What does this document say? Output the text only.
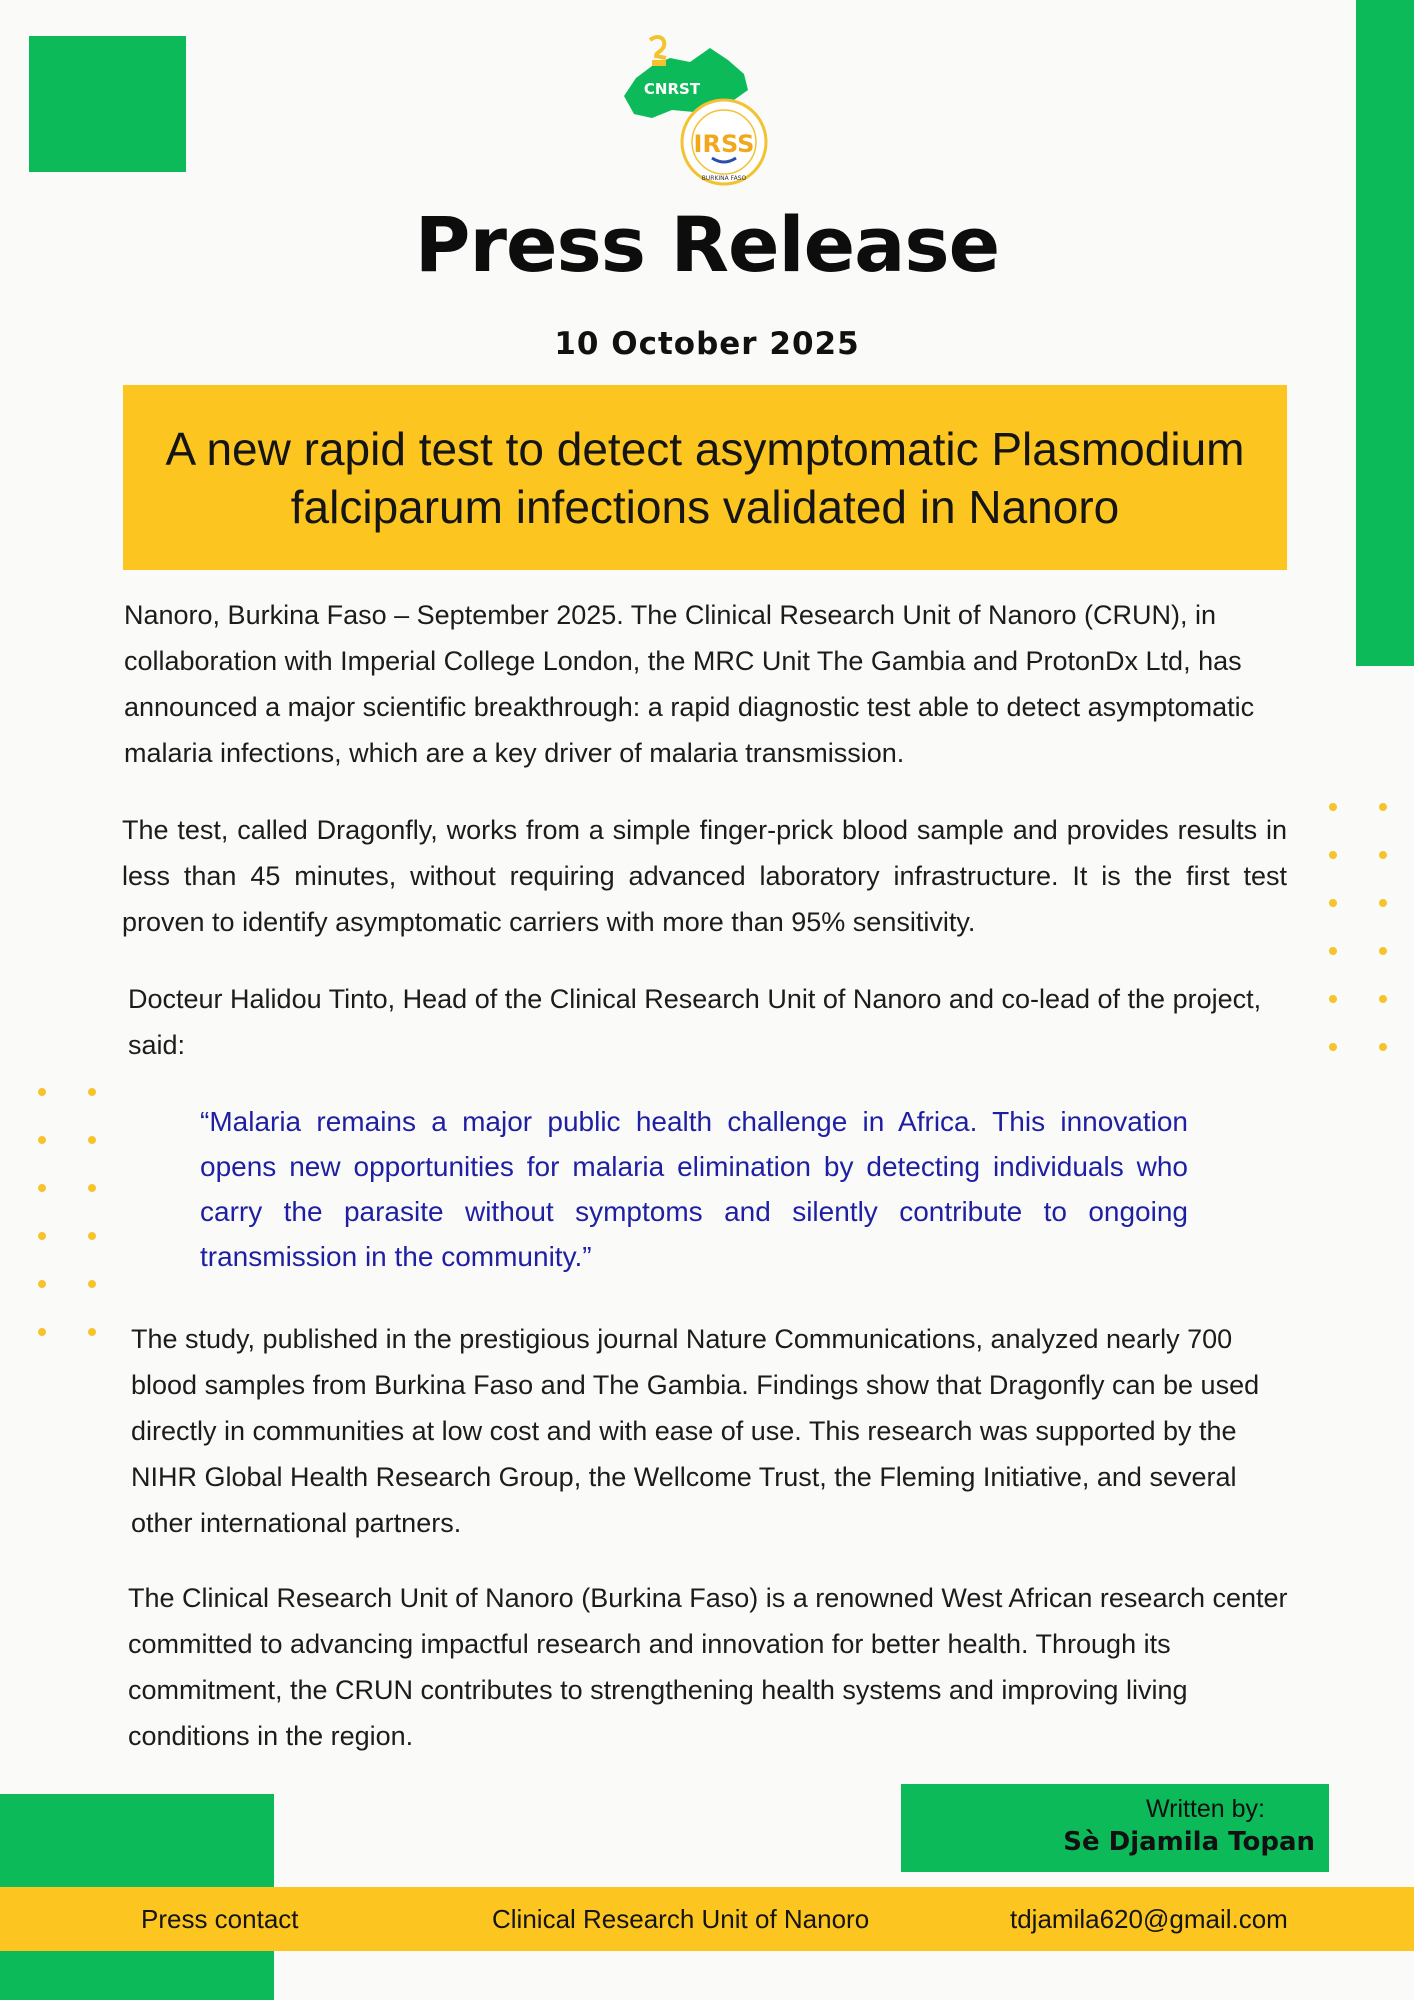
CNRST
IRSS
BURKINA FASO
Press Release
10 October 2025
A new rapid test to detect asymptomatic Plasmodium falciparum infections validated in Nanoro
Nanoro, Burkina Faso – September 2025. The Clinical Research Unit of Nanoro (CRUN), in collaboration with Imperial College London, the MRC Unit The Gambia and ProtonDx Ltd, has announced a major scientific breakthrough: a rapid diagnostic test able to detect asymptomatic malaria infections, which are a key driver of malaria transmission.
The test, called Dragonfly, works from a simple finger-prick blood sample and provides results in less than 45 minutes, without requiring advanced laboratory infrastructure. It is the first test proven to identify asymptomatic carriers with more than 95% sensitivity.
Docteur Halidou Tinto, Head of the Clinical Research Unit of Nanoro and co-lead of the project, said:
“Malaria remains a major public health challenge in Africa. This innovation opens new opportunities for malaria elimination by detecting individuals who carry the parasite without symptoms and silently contribute to ongoing transmission in the community.”
The study, published in the prestigious journal Nature Communications, analyzed nearly 700 blood samples from Burkina Faso and The Gambia. Findings show that Dragonfly can be used directly in communities at low cost and with ease of use. This research was supported by the NIHR Global Health Research Group, the Wellcome Trust, the Fleming Initiative, and several other international partners.
The Clinical Research Unit of Nanoro (Burkina Faso) is a renowned West African research center committed to advancing impactful research and innovation for better health. Through its commitment, the CRUN contributes to strengthening health systems and improving living conditions in the region.
Written by:
Sè Djamila Topan
Press contact	Clinical Research Unit of Nanoro	tdjamila620@gmail.com
